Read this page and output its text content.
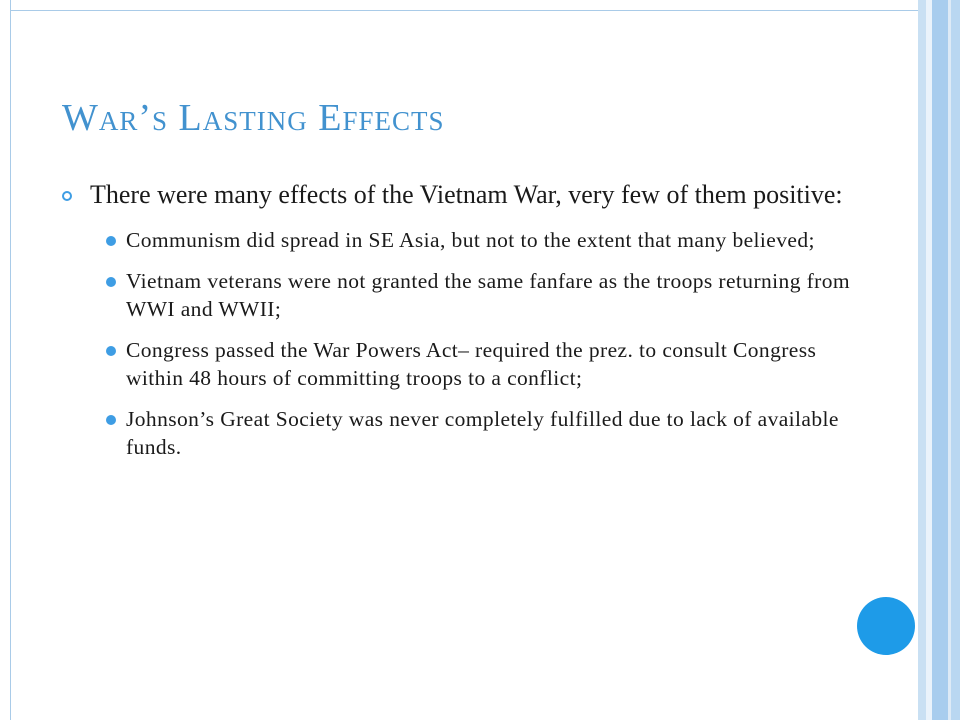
War’s Lasting Effects
There were many effects of the Vietnam War, very few of them positive:
Communism did spread in SE Asia, but not to the extent that many believed;
Vietnam veterans were not granted the same fanfare as the troops returning from WWI and WWII;
Congress passed the War Powers Act– required the prez. to consult Congress within 48 hours of committing troops to a conflict;
Johnson’s Great Society was never completely fulfilled due to lack of available funds.
